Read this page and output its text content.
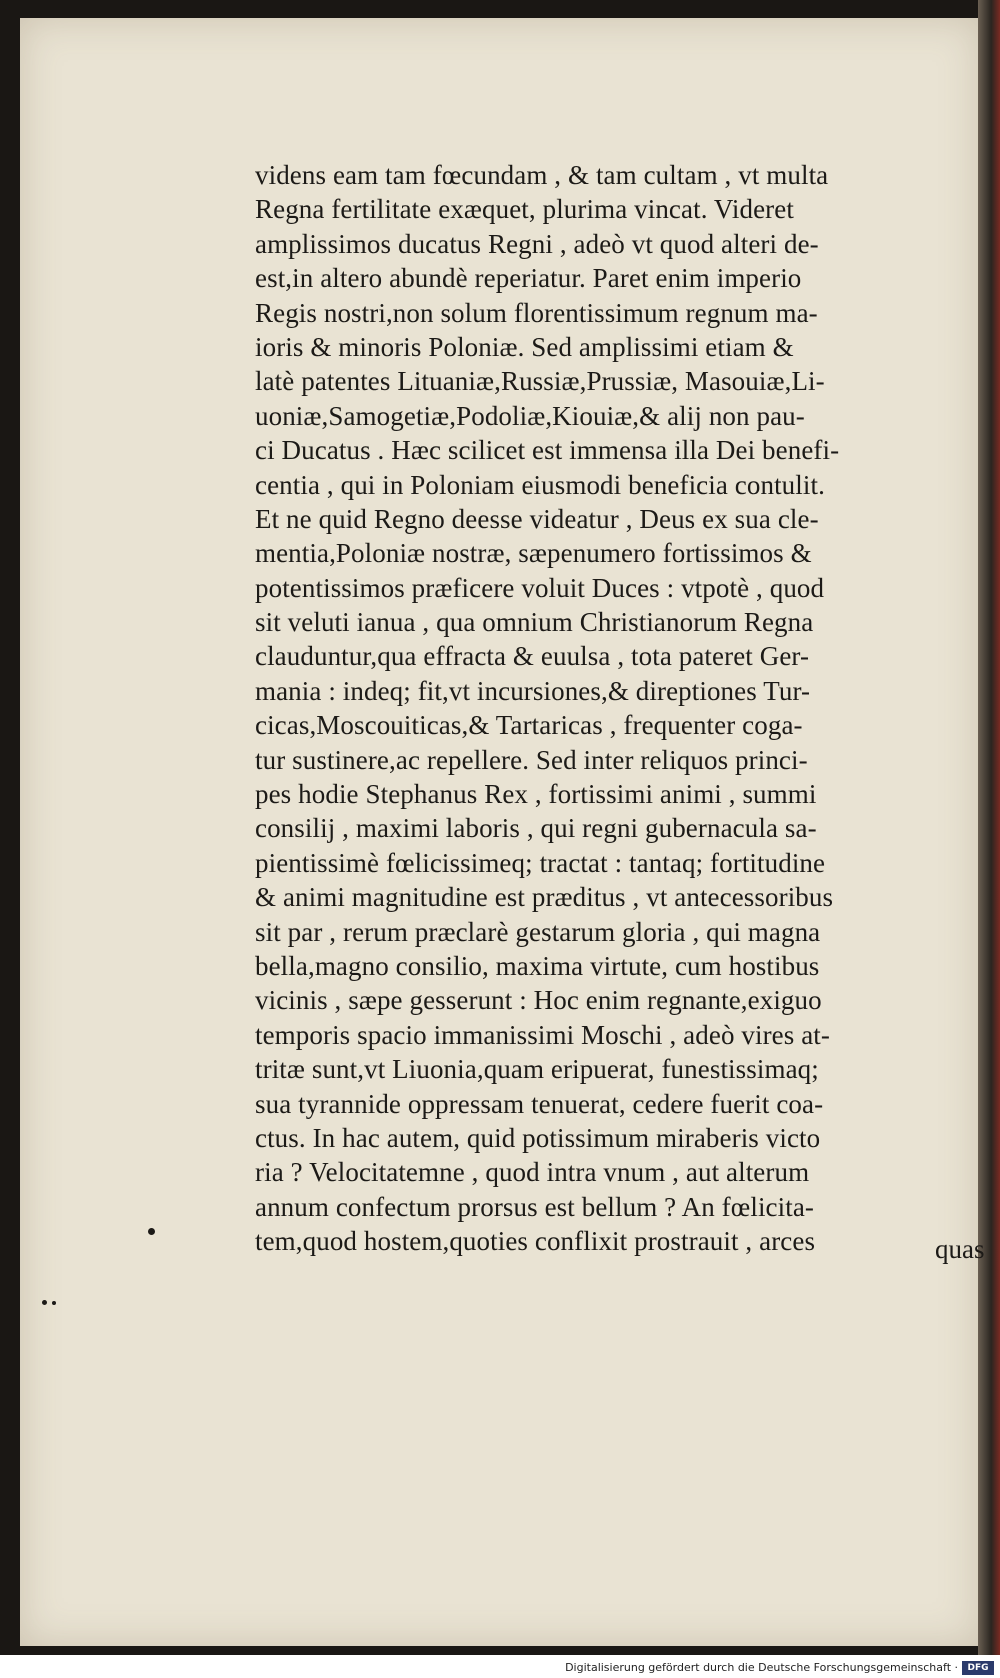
videns eam tam fœcundam , & tam cultam , vt multa
Regna fertilitate exæquet, plurima vincat. Videret
amplissimos ducatus Regni , adeò vt quod alteri de-
est,in altero abundè reperiatur. Paret enim imperio
Regis nostri,non solum florentissimum regnum ma-
ioris & minoris Poloniæ. Sed amplissimi etiam &
latè patentes Lituaniæ,Russiæ,Prussiæ, Masouiæ,Li-
uoniæ,Samogetiæ,Podoliæ,Kiouiæ,& alij non pau-
ci Ducatus . Hæc scilicet est immensa illa Dei benefi-
centia , qui in Poloniam eiusmodi beneficia contulit.
Et ne quid Regno deesse videatur , Deus ex sua cle-
mentia,Poloniæ nostræ, sæpenumero fortissimos &
potentissimos præficere voluit Duces : vtpotè , quod
sit veluti ianua , qua omnium Christianorum Regna
clauduntur,qua effracta & euulsa , tota pateret Ger-
mania : indeq; fit,vt incursiones,& direptiones Tur-
cicas,Moscouiticas,& Tartaricas , frequenter coga-
tur sustinere,ac repellere. Sed inter reliquos princi-
pes hodie Stephanus Rex , fortissimi animi , summi
consilij , maximi laboris , qui regni gubernacula sa-
pientissimè fœlicissimeq; tractat : tantaq; fortitudine
& animi magnitudine est præditus , vt antecessoribus
sit par , rerum præclarè gestarum gloria , qui magna
bella,magno consilio, maxima virtute, cum hostibus
vicinis , sæpe gesserunt : Hoc enim regnante,exiguo
temporis spacio immanissimi Moschi , adeò vires at-
tritæ sunt,vt Liuonia,quam eripuerat, funestissimaq;
sua tyrannide oppressam tenuerat, cedere fuerit coa-
ctus. In hac autem, quid potissimum miraberis victo
ria ? Velocitatemne , quod intra vnum , aut alterum
annum confectum prorsus est bellum ? An fœlicita-
tem,quod hostem,quoties conflixit prostrauit , arces	quas
Digitalisierung gefördert durch die Deutsche Forschungsgemeinschaft ·	DFG
